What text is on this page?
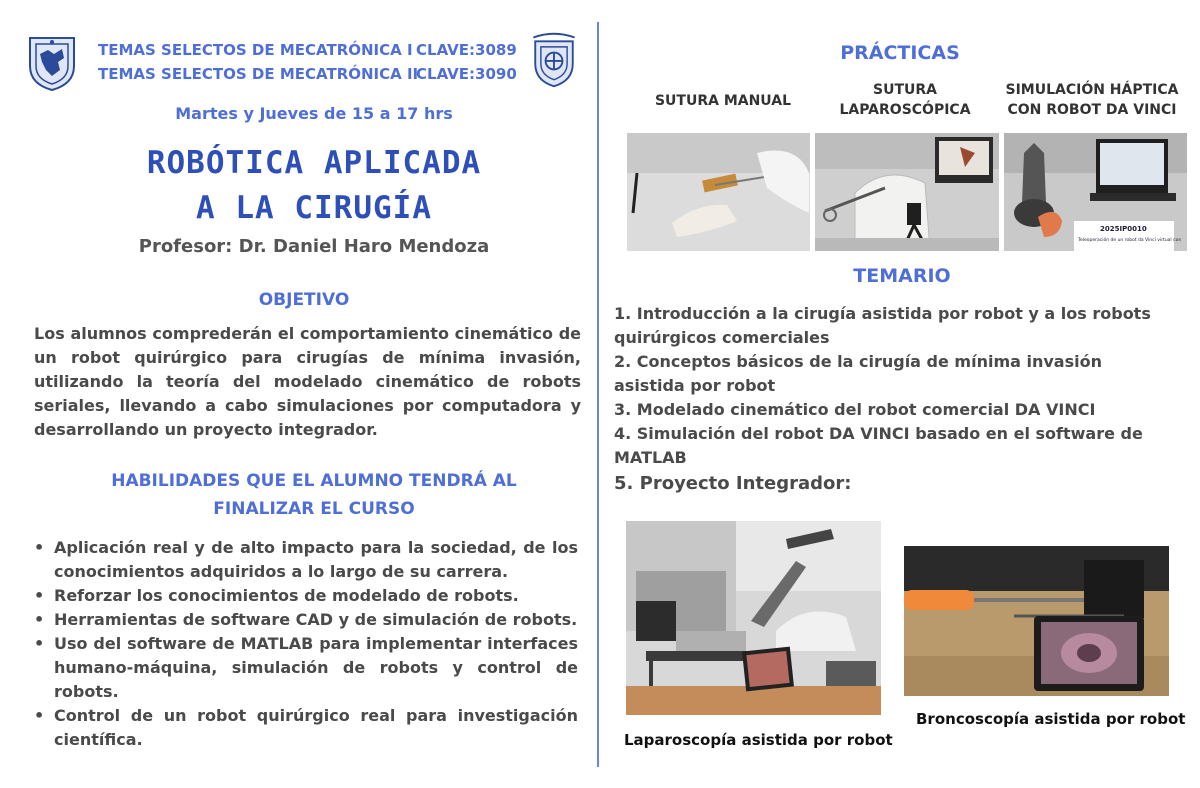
TEMAS SELECTOS DE MECATRÓNICA I CLAVE:3089
TEMAS SELECTOS DE MECATRÓNICA II
CLAVE:3090
Martes y Jueves de 15 a 17 hrs
ROBÓTICA APLICADA
A LA CIRUGÍA
Profesor: Dr. Daniel Haro Mendoza
OBJETIVO
Los alumnos comprederán el comportamiento cinemático de un robot quirúrgico para cirugías de mínima invasión, utilizando la teoría del modelado cinemático de robots seriales, llevando a cabo simulaciones por computadora y desarrollando un proyecto integrador.
HABILIDADES QUE EL ALUMNO TENDRÁ AL
FINALIZAR EL CURSO
• Aplicación real y de alto impacto para la sociedad, de los conocimientos adquiridos a lo largo de su carrera.
• Reforzar los conocimientos de modelado de robots.
• Herramientas de software CAD y de simulación de robots.
• Uso del software de MATLAB para implementar interfaces humano-máquina, simulación de robots y control de robots.
• Control de un robot quirúrgico real para investigación científica.
PRÁCTICAS
SUTURA MANUAL
SUTURA
LAPAROSCÓPICA
SIMULACIÓN HÁPTICA
CON ROBOT DA VINCI
2025IP0010
Teleoperación de un robot da Vinci virtual con
TEMARIO

1. Introducción a la cirugía asistida por robot y a los robots quirúrgicos comerciales

2. Conceptos básicos de la cirugía de mínima invasión asistida por robot

3. Modelado cinemático del robot comercial DA VINCI

4. Simulación del robot DA VINCI basado en el software de MATLAB

5. Proyecto Integrador:

Laparoscopía asistida por robot
Broncoscopía asistida por robot
